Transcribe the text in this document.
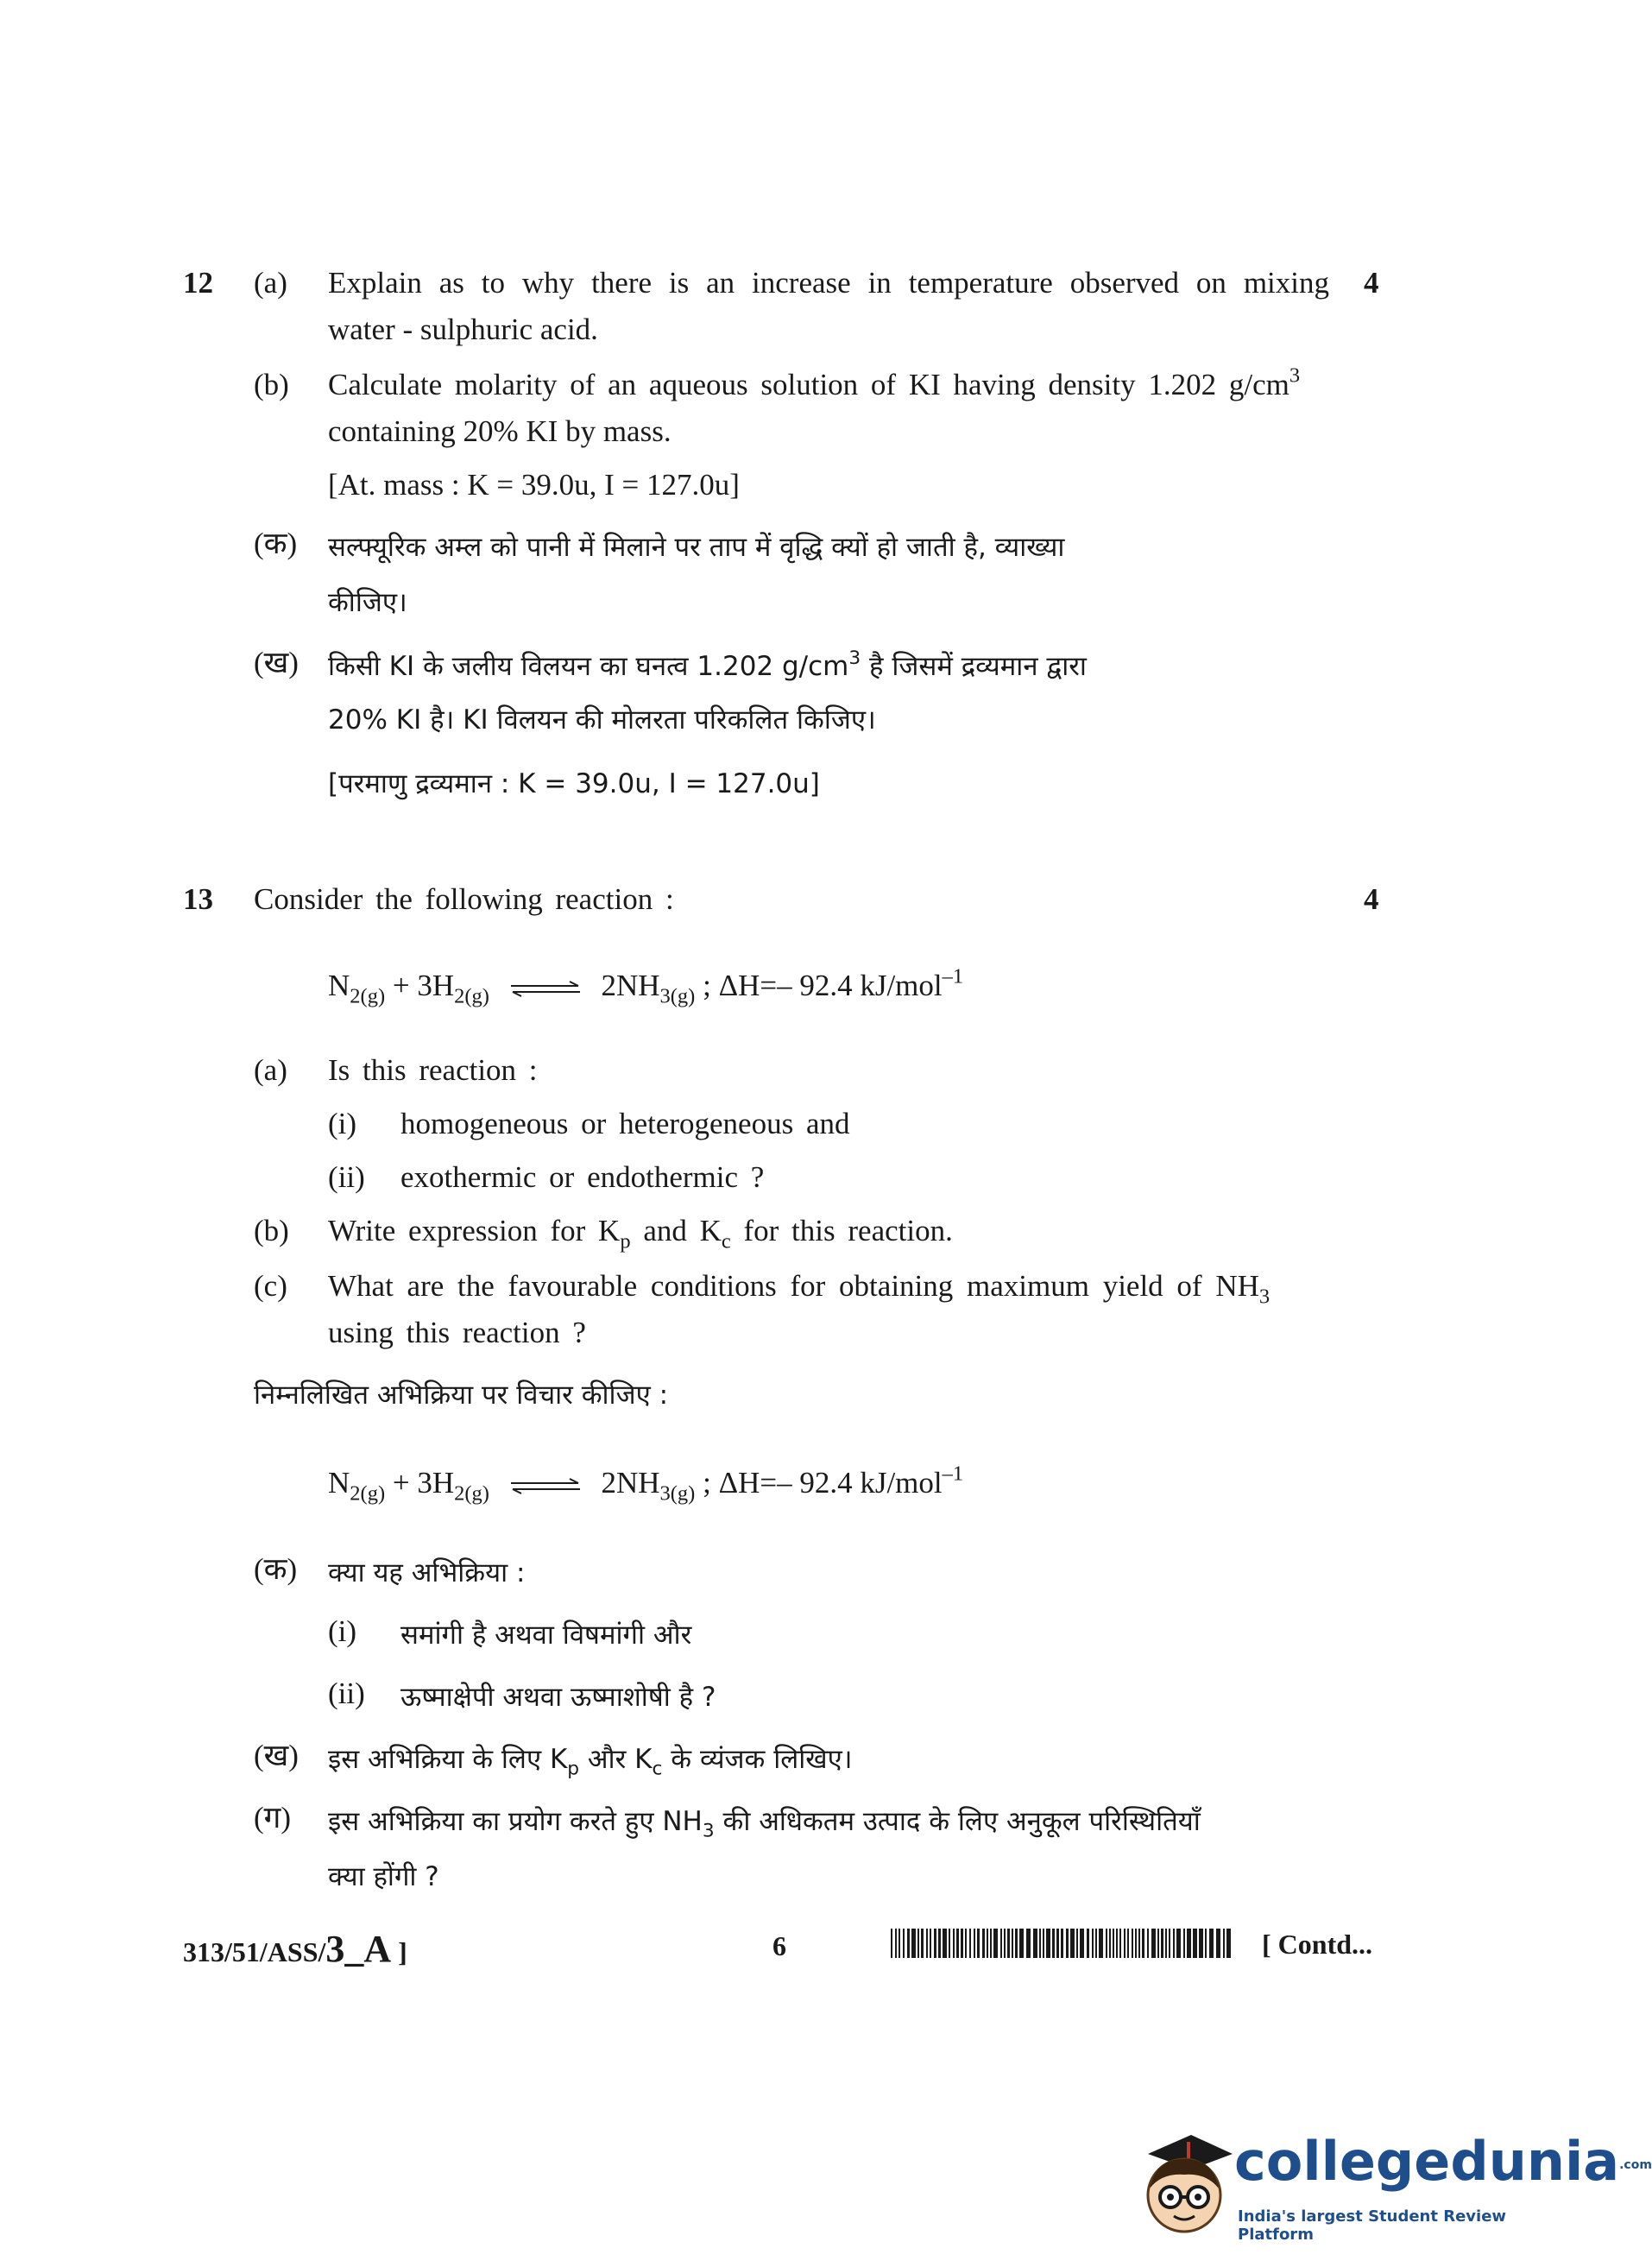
12	4
(a) Explain as to why there is an increase in temperature observed on mixing
water - sulphuric acid.
(b) Calculate molarity of an aqueous solution of KI having density 1.202 $g/cm^3$
containing 20% KI by mass.
[At. mass : K = 39.0u, I = 127.0u]
(क) सल्फ्यूरिक अम्ल को पानी में मिलाने पर ताप में वृद्धि क्यों हो जाती है, व्याख्या
कीजिए।
(ख) किसी KI के जलीय विलयन का घनत्व 1.202 $g/cm^3$ है जिसमें द्रव्यमान द्वारा
20% KI है। KI विलयन की मोलरता परिकलित किजिए।
[परमाणु द्रव्यमान : K = 39.0u, I = 127.0u]
13	4
Consider the following reaction :
$N_{2(g)} + 3H_{2(g)}$ ⇌ $2NH_{3(g)}$ ; ΔH=– 92.4 kJ/mol$^{-1}$
(a) Is this reaction :
(i) homogeneous or heterogeneous and
(ii) exothermic or endothermic ?
(b) Write expression for $K_p$ and $K_c$ for this reaction.
(c) What are the favourable conditions for obtaining maximum yield of $NH_3$
using this reaction ?
निम्नलिखित अभिक्रिया पर विचार कीजिए :
$N_{2(g)} + 3H_{2(g)}$ ⇌ $2NH_{3(g)}$ ; ΔH=– 92.4 kJ/mol$^{-1}$
(क) क्या यह अभिक्रिया :
(i) समांगी है अथवा विषमांगी और
(ii) ऊष्माक्षेपी अथवा ऊष्माशोषी है ?
(ख) इस अभिक्रिया के लिए $K_p$ और $K_c$ के व्यंजक लिखिए।
(ग) इस अभिक्रिया का प्रयोग करते हुए $NH_3$ की अधिकतम उत्पाद के लिए अनुकूल परिस्थितियाँ
क्या होंगी ?
313/51/ASS/3_A ]	6	[ Contd...
collegedunia.com
India's largest Student Review Platform
